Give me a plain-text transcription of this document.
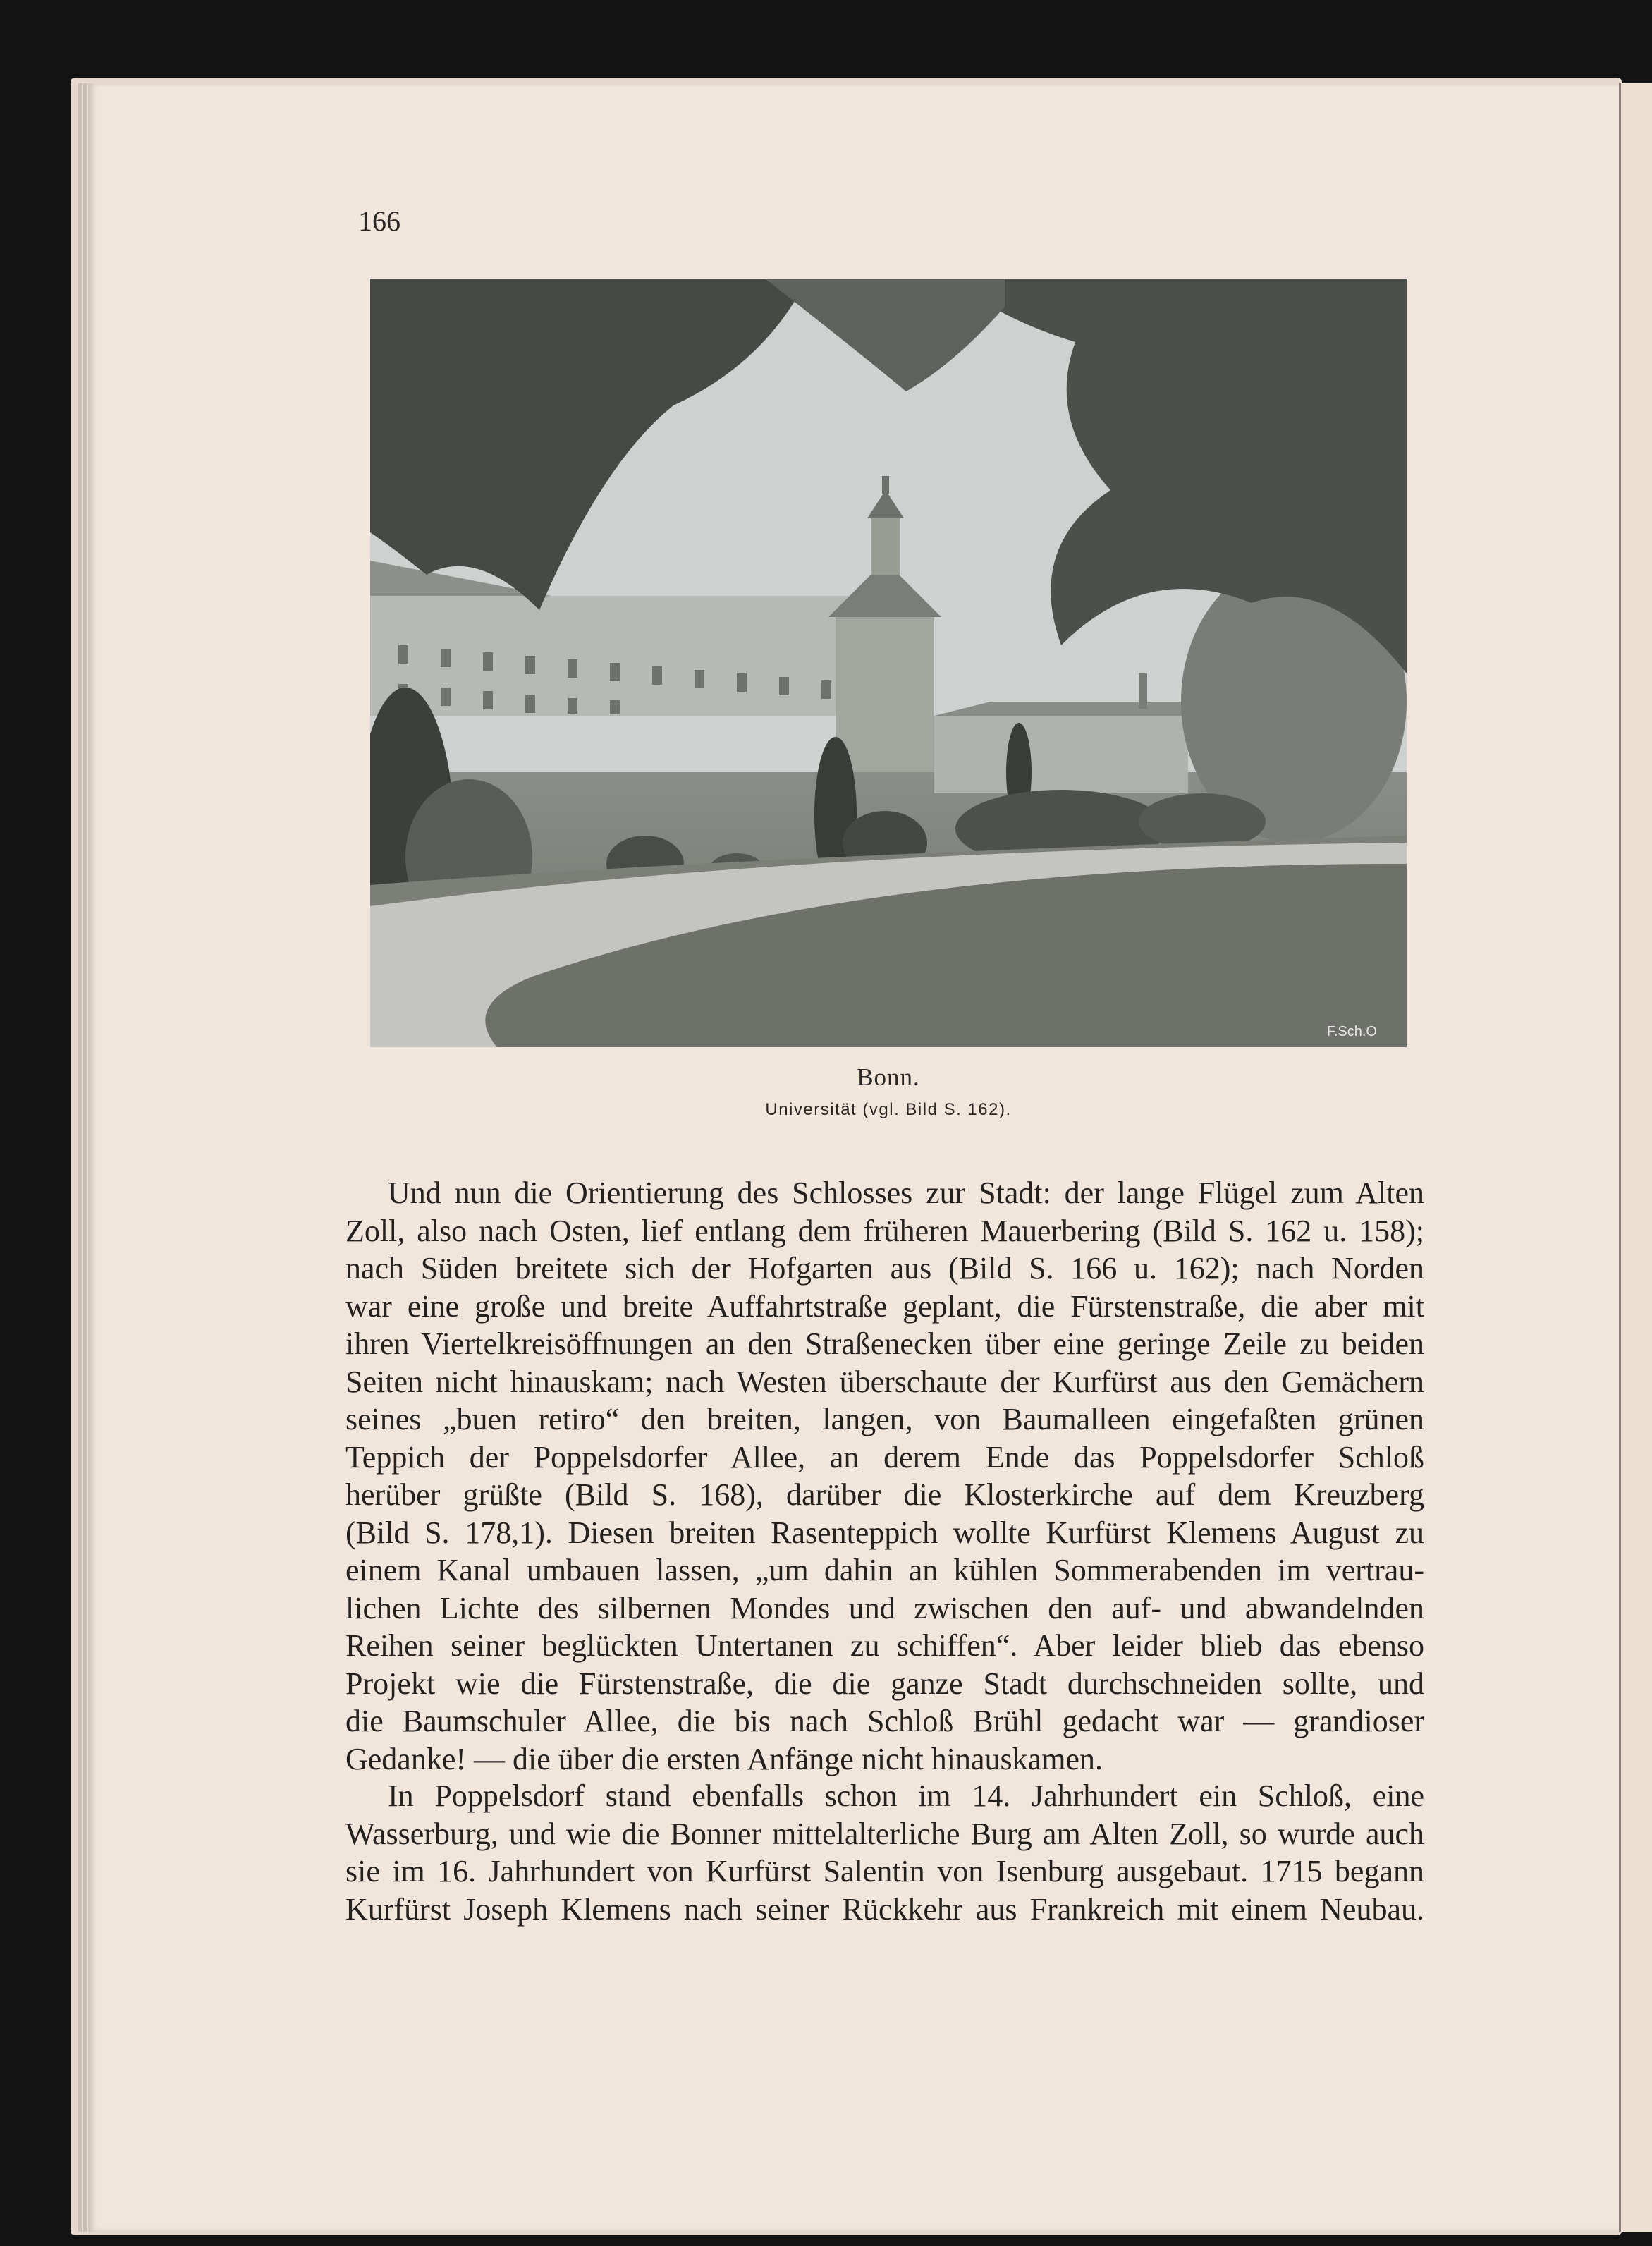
166
F.Sch.O
Bonn.
Universität (vgl. Bild S. 162).
Und nun die Orientierung des Schlosses zur Stadt: der lange Flügel zum Alten
Zoll, also nach Osten, lief entlang dem früheren Mauerbering (Bild S. 162 u. 158);
nach Süden breitete sich der Hofgarten aus (Bild S. 166 u. 162); nach Norden
war eine große und breite Auffahrtstraße geplant, die Fürstenstraße, die aber mit
ihren Viertelkreisöffnungen an den Straßenecken über eine geringe Zeile zu beiden
Seiten nicht hinauskam; nach Westen überschaute der Kurfürst aus den Gemächern
seines „buen retiro“ den breiten, langen, von Baumalleen eingefaßten grünen
Teppich der Poppelsdorfer Allee, an derem Ende das Poppelsdorfer Schloß
herüber grüßte (Bild S. 168), darüber die Klosterkirche auf dem Kreuzberg
(Bild S. 178,1). Diesen breiten Rasenteppich wollte Kurfürst Klemens August zu
einem Kanal umbauen lassen, „um dahin an kühlen Sommerabenden im vertrau-
lichen Lichte des silbernen Mondes und zwischen den auf- und abwandelnden
Reihen seiner beglückten Untertanen zu schiffen“. Aber leider blieb das ebenso
Projekt wie die Fürstenstraße, die die ganze Stadt durchschneiden sollte, und
die Baumschuler Allee, die bis nach Schloß Brühl gedacht war — grandioser
Gedanke! — die über die ersten Anfänge nicht hinauskamen.
In Poppelsdorf stand ebenfalls schon im 14. Jahrhundert ein Schloß, eine
Wasserburg, und wie die Bonner mittelalterliche Burg am Alten Zoll, so wurde auch
sie im 16. Jahrhundert von Kurfürst Salentin von Isenburg ausgebaut. 1715 begann
Kurfürst Joseph Klemens nach seiner Rückkehr aus Frankreich mit einem Neubau.
